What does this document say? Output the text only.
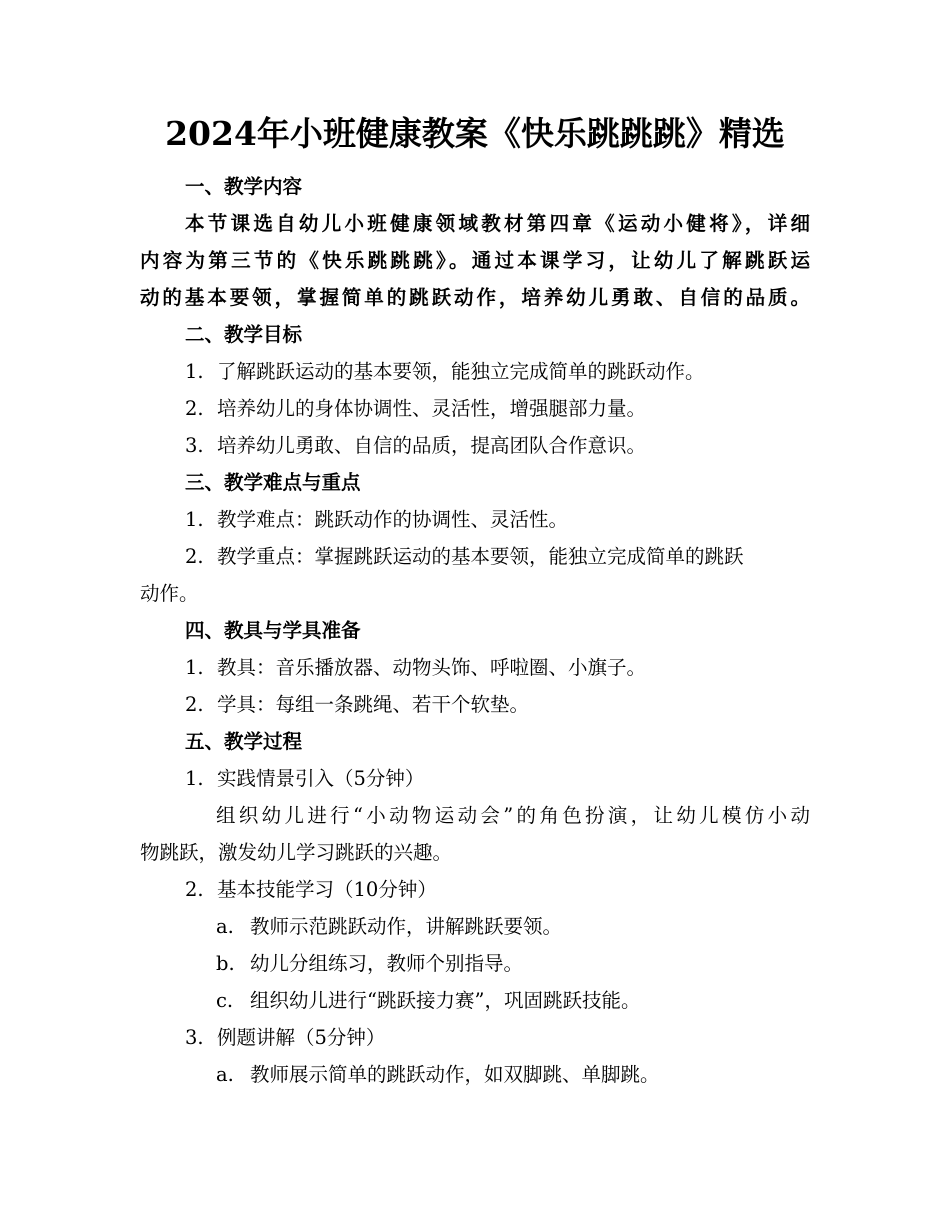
2024年小班健康教案《快乐跳跳跳》精选
一、教学内容
本节课选自幼儿小班健康领域教材第四章《运动小健将》，详细
内容为第三节的《快乐跳跳跳》。通过本课学习，让幼儿了解跳跃运
动的基本要领，掌握简单的跳跃动作，培养幼儿勇敢、自信的品质。
二、教学目标
1. 了解跳跃运动的基本要领，能独立完成简单的跳跃动作。
2. 培养幼儿的身体协调性、灵活性，增强腿部力量。
3. 培养幼儿勇敢、自信的品质，提高团队合作意识。
三、教学难点与重点
1. 教学难点：跳跃动作的协调性、灵活性。
2. 教学重点：掌握跳跃运动的基本要领，能独立完成简单的跳跃
动作。
四、教具与学具准备
1. 教具：音乐播放器、动物头饰、呼啦圈、小旗子。
2. 学具：每组一条跳绳、若干个软垫。
五、教学过程
1. 实践情景引入（5分钟）
组织幼儿进行“小动物运动会”的角色扮演，让幼儿模仿小动
物跳跃，激发幼儿学习跳跃的兴趣。
2. 基本技能学习（10分钟）
a. 教师示范跳跃动作，讲解跳跃要领。
b. 幼儿分组练习，教师个别指导。
c. 组织幼儿进行“跳跃接力赛”，巩固跳跃技能。
3. 例题讲解（5分钟）
a. 教师展示简单的跳跃动作，如双脚跳、单脚跳。
